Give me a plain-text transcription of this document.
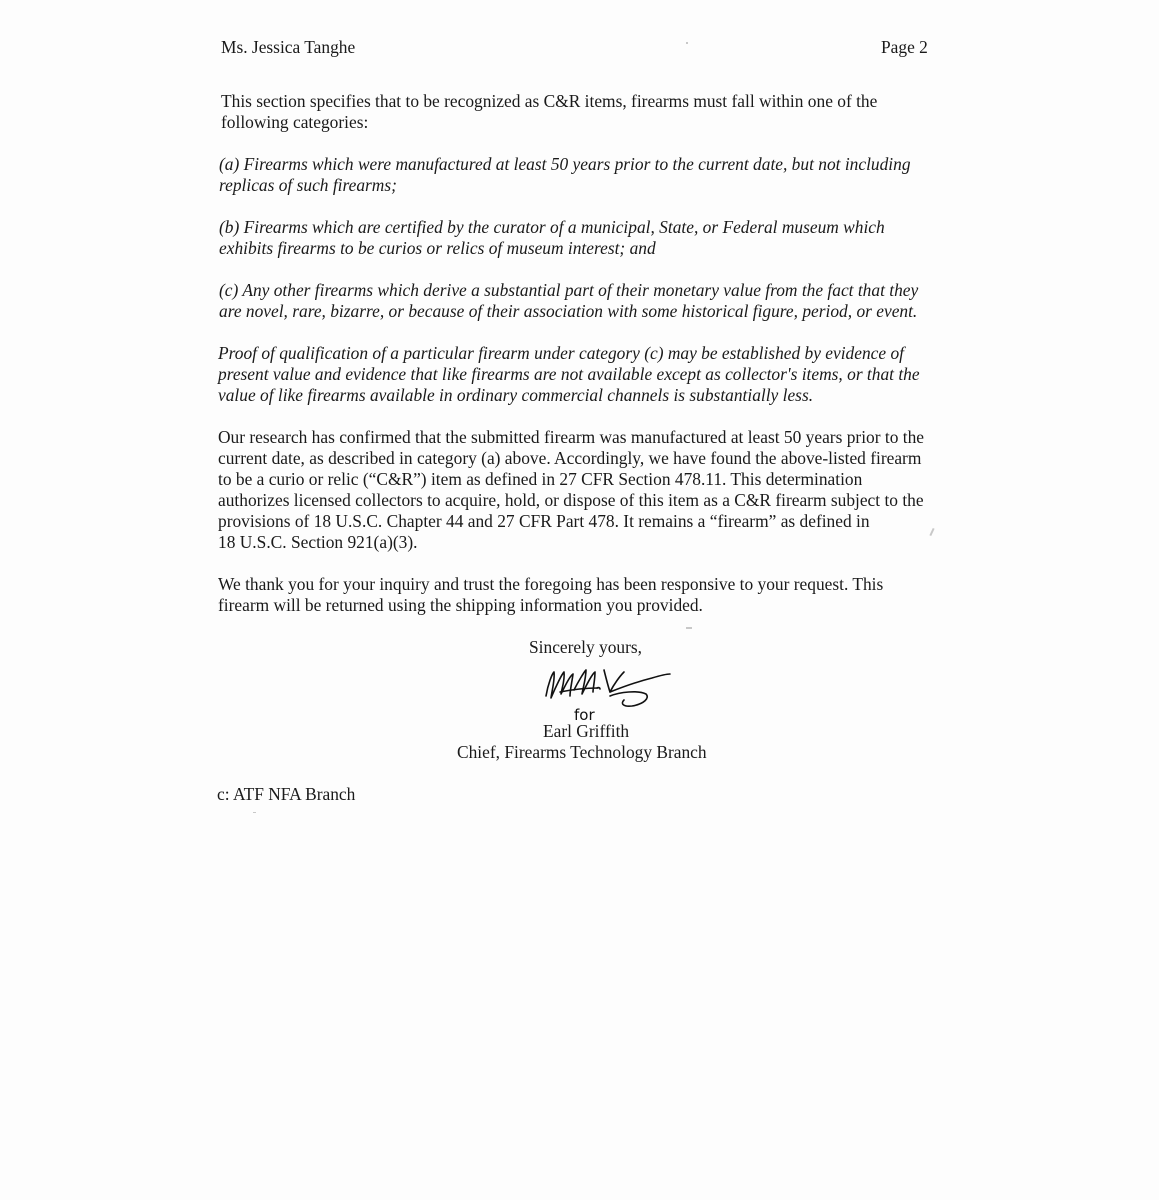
Ms. Jessica Tanghe	Page 2

This section specifies that to be recognized as C&R items, firearms must fall within one of the
following categories:

(a) Firearms which were manufactured at least 50 years prior to the current date, but not including
replicas of such firearms;

(b) Firearms which are certified by the curator of a municipal, State, or Federal museum which
exhibits firearms to be curios or relics of museum interest; and

(c) Any other firearms which derive a substantial part of their monetary value from the fact that they
are novel, rare, bizarre, or because of their association with some historical figure, period, or event.

Proof of qualification of a particular firearm under category (c) may be established by evidence of
present value and evidence that like firearms are not available except as collector's items, or that the
value of like firearms available in ordinary commercial channels is substantially less.

Our research has confirmed that the submitted firearm was manufactured at least 50 years prior to the
current date, as described in category (a) above. Accordingly, we have found the above-listed firearm
to be a curio or relic (“C&R”) item as defined in 27 CFR Section 478.11. This determination
authorizes licensed collectors to acquire, hold, or dispose of this item as a C&R firearm subject to the
provisions of 18 U.S.C. Chapter 44 and 27 CFR Part 478. It remains a “firearm” as defined in
18 U.S.C. Section 921(a)(3).

We thank you for your inquiry and trust the foregoing has been responsive to your request. This
firearm will be returned using the shipping information you provided.

Sincerely yours,
for
Earl Griffith
Chief, Firearms Technology Branch
c: ATF NFA Branch
